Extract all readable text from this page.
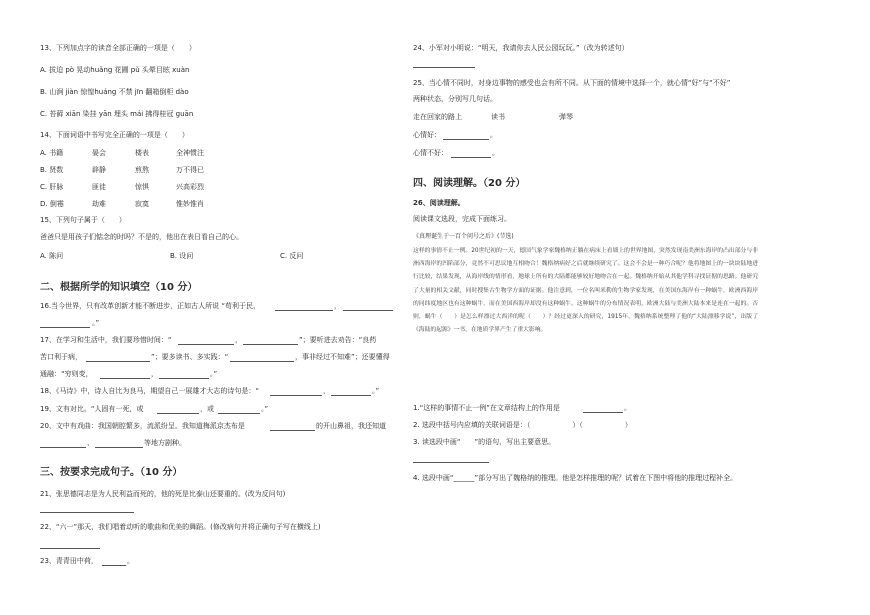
13、下列加点字的读音全部正确的一项是（　　）
A. 拔迫 pò 晃动huǎng 花圃 pǔ 头晕目眩 xuàn
B. 山涧 jiàn 惊惶huáng 不禁 jīn 翻箱倒柜 dào
C. 苔藓 xiān 染挂 yān 埋头 mái 拂得桂冠 guān
14、下面词语中书写完全正确的一项是（　　）
A. 书籍	晏会	楼表	全神惯注
B. 贤数	辟静	煎熬	万不得已
C. 肝脉	匪徒	惊惧	兴高彩烈
D. 倒霉	劫难	寂寞	惟妙惟肖
15、下列句子属于（　　）
爸爸只是用孩子们惦念的时吗？不是的，他出在表日看自己的心。
A. 陈问	B. 设问	C. 反问
二、根据所学的知识填空（10 分）
16.当今世界，只有改革创新才能不断进步，正如古人所说 “苟利于民，	，
。”
17、在学习和生活中，我们要珍惜时间：“	，	”；要听进去劝告：“良药
苦口利于病，	”；要多读书、多实践：“	，事非经过不知难”；还要懂得
通融：“穷则变，	，	。”
18、《马诗》中，诗人自比为良马，期望自己一展雄才大志的诗句是：“	，	。”
19、文有对比。“人固有一死，或	，或	。”
20、文中有戏曲：我国朝腔繁多，流派纷呈。我知道梅派京杰布是	的开山鼻祖，我还知道
、	等地方剧种。
三、按要求完成句子。（10 分）
21、张思德同志是为人民利益而死的，他的死是比泰山还要重的。(改为反问句)
22、“六一”那天，我们唱着动听的歌曲和优美的舞蹈。(修改病句并将正确句子写在横线上)
23、青青田中荷，	。
24、小军对小明说：“明天，我请你去人民公园玩玩。”（改为转述句）
25、当心情不同时，对身边事物的感受也会有所不同。从下面的情境中选择一个，就心情“好”与“不好”
两种状态，分别写几句话。
走在回家的路上	读书	弹琴
心情好：	。
心情不好：	。
四、阅读理解。（20 分）
26、阅读理解。
阅读课文选段，完成下面练习。
《真理诞生于一百个问号之后》(节选)
这样的事情不止一例。20世纪初的一天，德国气象学家魏格纳正躺在病床上看墙上的世界地图，突然发现南美洲东海岸的凸出部分与非洲西海岸的凹陷部分，竟然不可思议地互相吻合！魏格纳病好之后就继续研究了。这会不会是一种巧合呢？他将地图上的一块块陆地进行比较，结果发现，从海岸线的情形看，地球上所有的大陆都能够较好地吻合在一起。魏格纳开始从其他学科寻找证据的思路。他研究了大量的相关文献，同时搜集古生物学方面的证据。他注意到，一位名叫米勒的生物学家发现，在美国东海岸有一种蜗牛，欧洲西海岸的同纬度地区也有这种蜗牛，而在美国西海岸却没有这种蜗牛。这种蜗牛的分布情况表明，欧洲大陆与美洲大陆本来是连在一起的。否则，蜗牛（　　）是怎么样漂过大西洋的呢（　　）？经过更深入的研究，1915年，魏格纳系统整理了他的“大陆漂移学说”，出版了《海陆的起源》一书，在地质学界产生了重大影响。
1.“这样的事情不止一例”在文章结构上的作用是	。
2. 选段中括号内应填的关联词语是：（　　　　　　）（　　　　　　）
3. 读选段中画“　　”的语句，写出主要意思。
4. 选段中画“______”部分写出了魏格纳的推理。他是怎样推理的呢？试着在下图中将他的推理过程补全。
